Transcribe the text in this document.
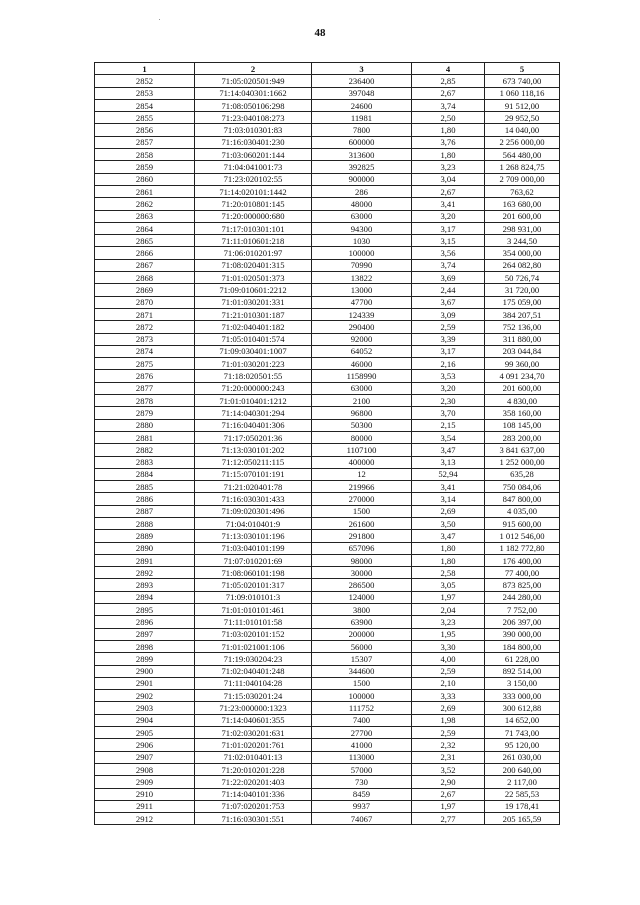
48
1	2	3	4	5
2852	71:05:020501:949	236400	2,85	673 740,00
2853	71:14:040301:1662	397048	2,67	1 060 118,16
2854	71:08:050106:298	24600	3,74	91 512,00
2855	71:23:040108:273	11981	2,50	29 952,50
2856	71:03:010301:83	7800	1,80	14 040,00
2857	71:16:030401:230	600000	3,76	2 256 000,00
2858	71:03:060201:144	313600	1,80	564 480,00
2859	71:04:041001:73	392825	3,23	1 268 824,75
2860	71:23:020102:55	900000	3,04	2 709 000,00
2861	71:14:020101:1442	286	2,67	763,62
2862	71:20:010801:145	48000	3,41	163 680,00
2863	71:20:000000:680	63000	3,20	201 600,00
2864	71:17:010301:101	94300	3,17	298 931,00
2865	71:11:010601:218	1030	3,15	3 244,50
2866	71:06:010201:97	100000	3,56	354 000,00
2867	71:08:020401:315	70990	3,74	264 082,80
2868	71:01:020501:373	13822	3,69	50 726,74
2869	71:09:010601:2212	13000	2,44	31 720,00
2870	71:01:030201:331	47700	3,67	175 059,00
2871	71:21:010301:187	124339	3,09	384 207,51
2872	71:02:040401:182	290400	2,59	752 136,00
2873	71:05:010401:574	92000	3,39	311 880,00
2874	71:09:030401:1007	64052	3,17	203 044,84
2875	71:01:030201:223	46000	2,16	99 360,00
2876	71:18:020501:55	1158990	3,53	4 091 234,70
2877	71:20:000000:243	63000	3,20	201 600,00
2878	71:01:010401:1212	2100	2,30	4 830,00
2879	71:14:040301:294	96800	3,70	358 160,00
2880	71:16:040401:306	50300	2,15	108 145,00
2881	71:17:050201:36	80000	3,54	283 200,00
2882	71:13:030101:202	1107100	3,47	3 841 637,00
2883	71:12:050211:115	400000	3,13	1 252 000,00
2884	71:15:070101:191	12	52,94	635,28
2885	71:21:020401:78	219966	3,41	750 084,06
2886	71:16:030301:433	270000	3,14	847 800,00
2887	71:09:020301:496	1500	2,69	4 035,00
2888	71:04:010401:9	261600	3,50	915 600,00
2889	71:13:030101:196	291800	3,47	1 012 546,00
2890	71:03:040101:199	657096	1,80	1 182 772,80
2891	71:07:010201:69	98000	1,80	176 400,00
2892	71:08:060101:198	30000	2,58	77 400,00
2893	71:05:020101:317	286500	3,05	873 825,00
2894	71:09:010101:3	124000	1,97	244 280,00
2895	71:01:010101:461	3800	2,04	7 752,00
2896	71:11:010101:58	63900	3,23	206 397,00
2897	71:03:020101:152	200000	1,95	390 000,00
2898	71:01:021001:106	56000	3,30	184 800,00
2899	71:19:030204:23	15307	4,00	61 228,00
2900	71:02:040401:248	344600	2,59	892 514,00
2901	71:11:040104:28	1500	2,10	3 150,00
2902	71:15:030201:24	100000	3,33	333 000,00
2903	71:23:000000:1323	111752	2,69	300 612,88
2904	71:14:040601:355	7400	1,98	14 652,00
2905	71:02:030201:631	27700	2,59	71 743,00
2906	71:01:020201:761	41000	2,32	95 120,00
2907	71:02:010401:13	113000	2,31	261 030,00
2908	71:20:010201:228	57000	3,52	200 640,00
2909	71:22:020201:403	730	2,90	2 117,00
2910	71:14:040101:336	8459	2,67	22 585,53
2911	71:07:020201:753	9937	1,97	19 178,41
2912	71:16:030301:551	74067	2,77	205 165,59
